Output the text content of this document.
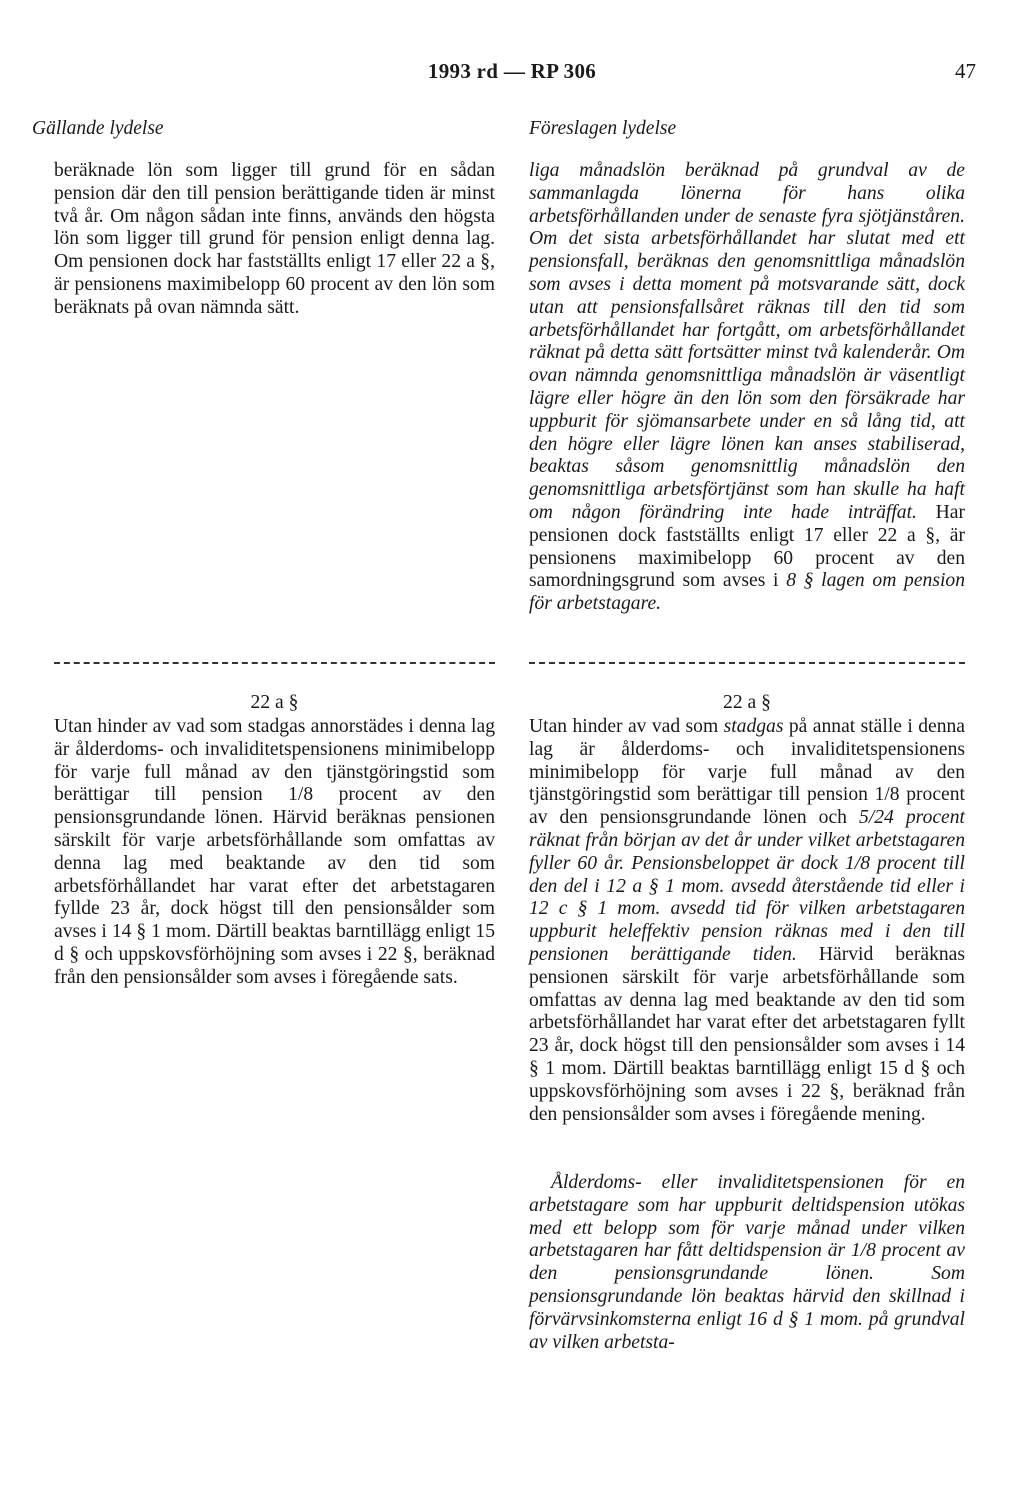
1993 rd — RP 306	47
Gällande lydelse	Föreslagen lydelse

beräknade lön som ligger till grund för en sådan pension där den till pension berättigande tiden är minst två år. Om någon sådan inte finns, används den högsta lön som ligger till grund för pension enligt denna lag. Om pensionen dock har fastställts enligt 17 eller 22 a §, är pensionens maximibelopp 60 procent av den lön som beräknats på ovan nämnda sätt.

liga månadslön beräknad på grundval av de sammanlagda lönerna för hans olika arbetsförhållanden under de senaste fyra sjötjänståren. Om det sista arbetsförhållandet har slutat med ett pensionsfall, beräknas den genomsnittliga månadslön som avses i detta moment på motsvarande sätt, dock utan att pensionsfallsåret räknas till den tid som arbetsförhållandet har fortgått, om arbetsförhållandet räknat på detta sätt fortsätter minst två kalenderår. Om ovan nämnda genomsnittliga månadslön är väsentligt lägre eller högre än den lön som den försäkrade har uppburit för sjömansarbete under en så lång tid, att den högre eller lägre lönen kan anses stabiliserad, beaktas såsom genomsnittlig månadslön den genomsnittliga arbetsförtjänst som han skulle ha haft om någon förändring inte hade inträffat. Har pensionen dock fastställts enligt 17 eller 22 a §, är pensionens maximibelopp 60 procent av den samordningsgrund som avses i 8 § lagen om pension för arbetstagare.

22 a §	22 a §

Utan hinder av vad som stadgas annorstädes i denna lag är ålderdoms- och invaliditetspensionens minimibelopp för varje full månad av den tjänstgöringstid som berättigar till pension 1/8 procent av den pensionsgrundande lönen. Härvid beräknas pensionen särskilt för varje arbetsförhållande som omfattas av denna lag med beaktande av den tid som arbetsförhållandet har varat efter det arbetstagaren fyllde 23 år, dock högst till den pensionsålder som avses i 14 § 1 mom. Därtill beaktas barntillägg enligt 15 d § och uppskovsförhöjning som avses i 22 §, beräknad från den pensionsålder som avses i föregående sats.

Utan hinder av vad som stadgas på annat ställe i denna lag är ålderdoms- och invaliditetspensionens minimibelopp för varje full månad av den tjänstgöringstid som berättigar till pension 1/8 procent av den pensionsgrundande lönen och 5/24 procent räknat från början av det år under vilket arbetstagaren fyller 60 år. Pensionsbeloppet är dock 1/8 procent till den del i 12 a § 1 mom. avsedd återstående tid eller i 12 c § 1 mom. avsedd tid för vilken arbetstagaren uppburit heleffektiv pension räknas med i den till pensionen berättigande tiden. Härvid beräknas pensionen särskilt för varje arbetsförhållande som omfattas av denna lag med beaktande av den tid som arbetsförhållandet har varat efter det arbetstagaren fyllt 23 år, dock högst till den pensionsålder som avses i 14 § 1 mom. Därtill beaktas barntillägg enligt 15 d § och uppskovsförhöjning som avses i 22 §, beräknad från den pensionsålder som avses i föregående mening.

Ålderdoms- eller invaliditetspensionen för en arbetstagare som har uppburit deltidspension utökas med ett belopp som för varje månad under vilken arbetstagaren har fått deltidspension är 1/8 procent av den pensionsgrundande lönen. Som pensionsgrundande lön beaktas härvid den skillnad i förvärvsinkomsterna enligt 16 d § 1 mom. på grundval av vilken arbetsta-
